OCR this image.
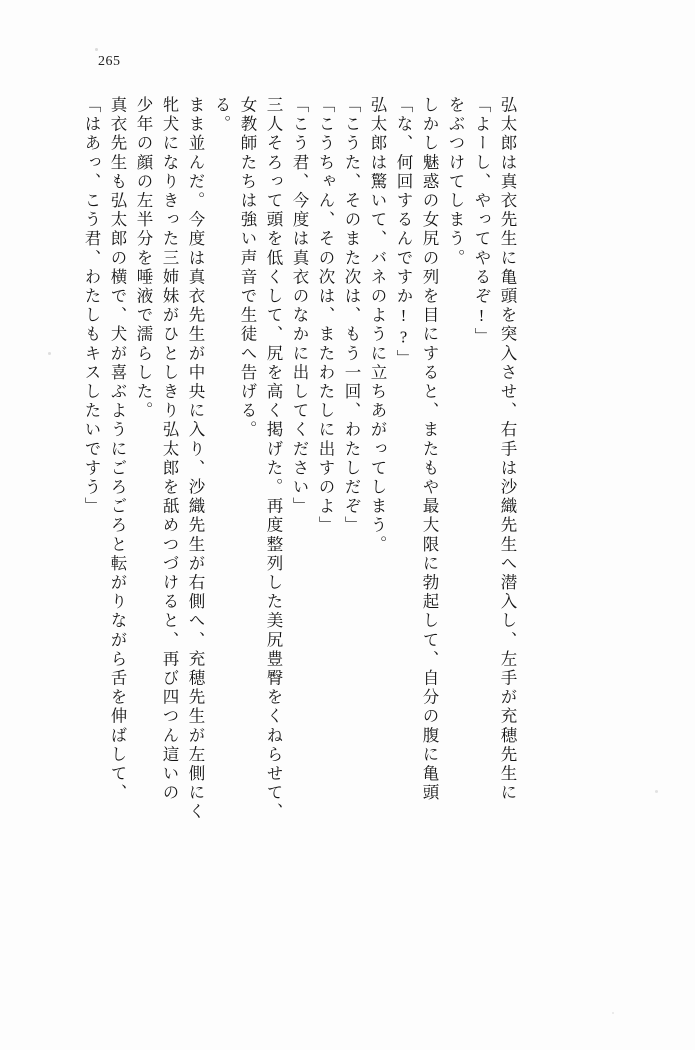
265
「はあっ、こう君、わたしもキスしたいですう」 真衣先生も弘太郎の横で、犬が喜ぶようにごろごろと転がりながら舌を伸ばして、 少年の顔の左半分を唾液で濡らした。 牝犬になりきった三姉妹がひとしきり弘太郎を舐めつづけると、再び四つん這いの まま並んだ。今度は真衣先生が中央に入り、沙織先生が右側へ、充穂先生が左側にく る。 女教師たちは強い声音で生徒へ告げる。 三人そろって頭を低くして、尻を高く掲げた。再度整列した美尻豊臀をくねらせて、 「こう君、今度は真衣のなかに出してください」 「こうちゃん、その次は、またわたしに出すのよ」 「こうた、そのまた次は、もう一回、わたしだぞ」 弘太郎は驚いて、バネのように立ちあがってしまう。 「な、何回するんですか!?」 しかし魅惑の女尻の列を目にすると、またもや最大限に勃起して、自分の腹に亀頭 をぶつけてしまう。 「よーし、やってやるぞ!」 弘太郎は真衣先生に亀頭を突入させ、右手は沙織先生へ潜入し、左手が充穂先生に
